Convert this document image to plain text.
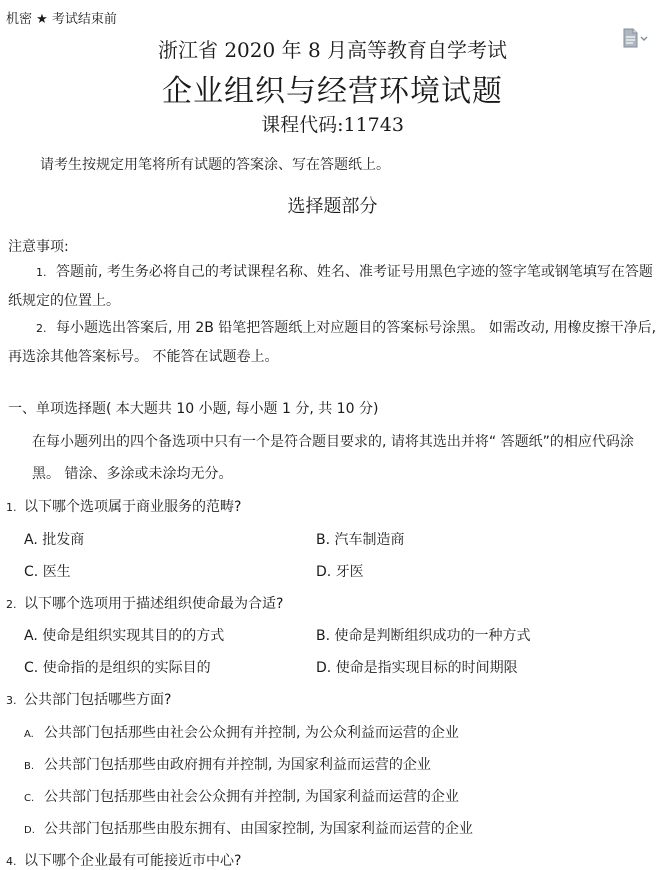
机密 ★ 考试结束前
浙江省 2020 年 8 月高等教育自学考试
企业组织与经营环境试题
课程代码:11743
请考生按规定用笔将所有试题的答案涂、写在答题纸上。
选择题部分
注意事项:
1. 答题前, 考生务必将自己的考试课程名称、姓名、准考证号用黑色字迹的签字笔或钢笔填写在答题纸规定的位置上。
2. 每小题选出答案后, 用 2B 铅笔把答题纸上对应题目的答案标号涂黑。 如需改动, 用橡皮擦干净后, 再选涂其他答案标号。 不能答在试题卷上。
一、单项选择题( 本大题共 10 小题, 每小题 1 分, 共 10 分)
在每小题列出的四个备选项中只有一个是符合题目要求的, 请将其选出并将“ 答题纸”的相应代码涂黑。 错涂、多涂或未涂均无分。
1. 以下哪个选项属于商业服务的范畴?
A. 批发商	B. 汽车制造商
C. 医生	D. 牙医
2. 以下哪个选项用于描述组织使命最为合适?
A. 使命是组织实现其目的的方式	B. 使命是判断组织成功的一种方式
C. 使命指的是组织的实际目的	D. 使命是指实现目标的时间期限
3. 公共部门包括哪些方面?
A. 公共部门包括那些由社会公众拥有并控制, 为公众利益而运营的企业
B. 公共部门包括那些由政府拥有并控制, 为国家利益而运营的企业
C. 公共部门包括那些由社会公众拥有并控制, 为国家利益而运营的企业
D. 公共部门包括那些由股东拥有、由国家控制, 为国家利益而运营的企业
4. 以下哪个企业最有可能接近市中心?
